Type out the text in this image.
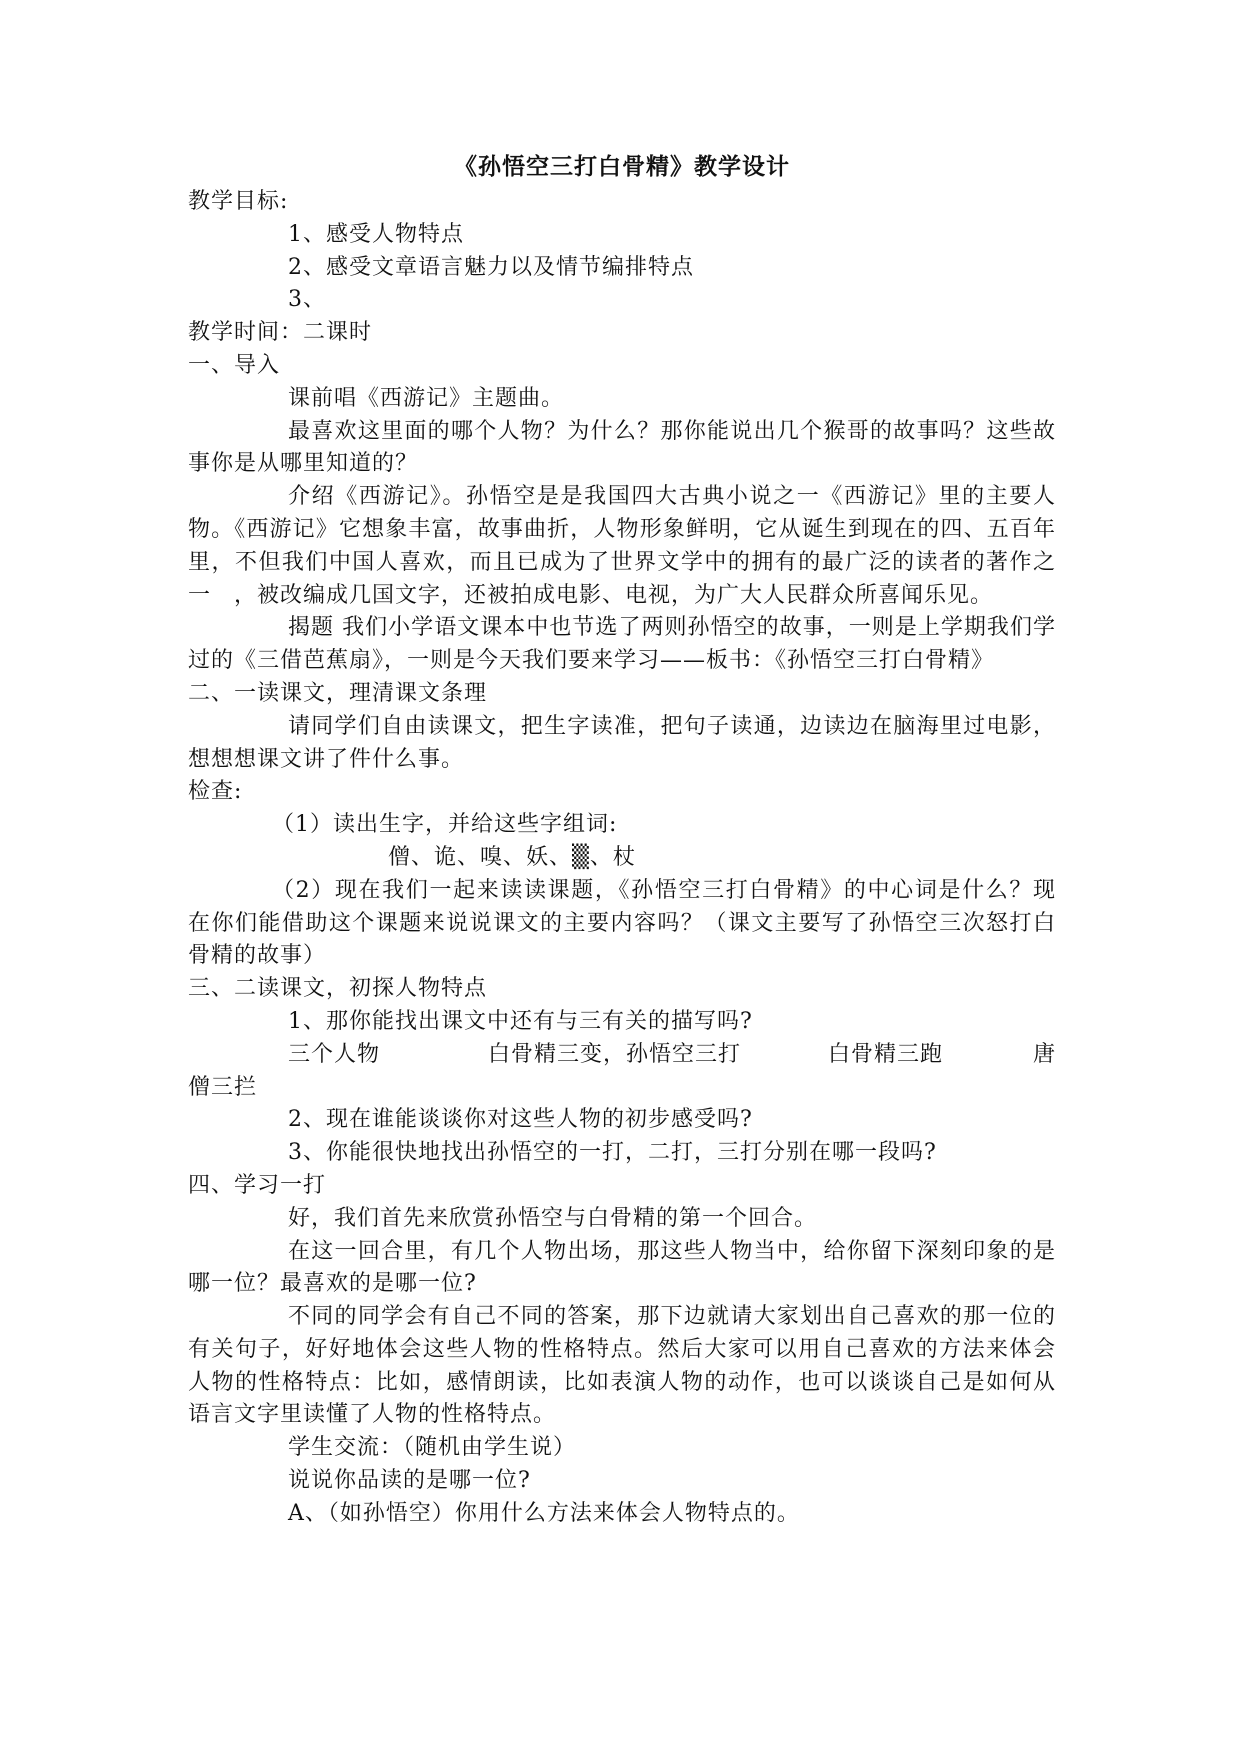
《孙悟空三打白骨精》教学设计
教学目标:
1、感受人物特点
2、感受文章语言魅力以及情节编排特点
3、
教学时间：二课时
一、导入
课前唱《西游记》主题曲。
最喜欢这里面的哪个人物？为什么？那你能说出几个猴哥的故事吗？这些故事你是从哪里知道的？
介绍《西游记》。孙悟空是是我国四大古典小说之一《西游记》里的主要人物。《西游记》它想象丰富，故事曲折，人物形象鲜明，它从诞生到现在的四、五百年里，不但我们中国人喜欢，而且已成为了世界文学中的拥有的最广泛的读者的著作之一　，被改编成几国文字，还被拍成电影、电视，为广大人民群众所喜闻乐见。
揭题 我们小学语文课本中也节选了两则孙悟空的故事，一则是上学期我们学过的《三借芭蕉扇》，一则是今天我们要来学习——板书：《孙悟空三打白骨精》
二、一读课文，理清课文条理
请同学们自由读课文，把生字读准，把句子读通，边读边在脑海里过电影，想想想课文讲了件什么事。
检查:
（1）读出生字，并给这些字组词:
僧、诡、嗅、妖、▒、杖
（2）现在我们一起来读读课题，《孙悟空三打白骨精》的中心词是什么？现在你们能借助这个课题来说说课文的主要内容吗？（课文主要写了孙悟空三次怒打白骨精的故事）
三、二读课文，初探人物特点
1、那你能找出课文中还有与三有关的描写吗?
三个人物	白骨精三变，孙悟空三打	白骨精三跑	唐
僧三拦
2、现在谁能谈谈你对这些人物的初步感受吗?
3、你能很快地找出孙悟空的一打，二打，三打分别在哪一段吗?
四、学习一打
好，我们首先来欣赏孙悟空与白骨精的第一个回合。
在这一回合里，有几个人物出场，那这些人物当中，给你留下深刻印象的是哪一位？最喜欢的是哪一位?
不同的同学会有自己不同的答案，那下边就请大家划出自己喜欢的那一位的有关句子，好好地体会这些人物的性格特点。然后大家可以用自己喜欢的方法来体会人物的性格特点：比如，感情朗读，比如表演人物的动作，也可以谈谈自己是如何从语言文字里读懂了人物的性格特点。
学生交流：（随机由学生说）
说说你品读的是哪一位?
A、（如孙悟空）你用什么方法来体会人物特点的。
